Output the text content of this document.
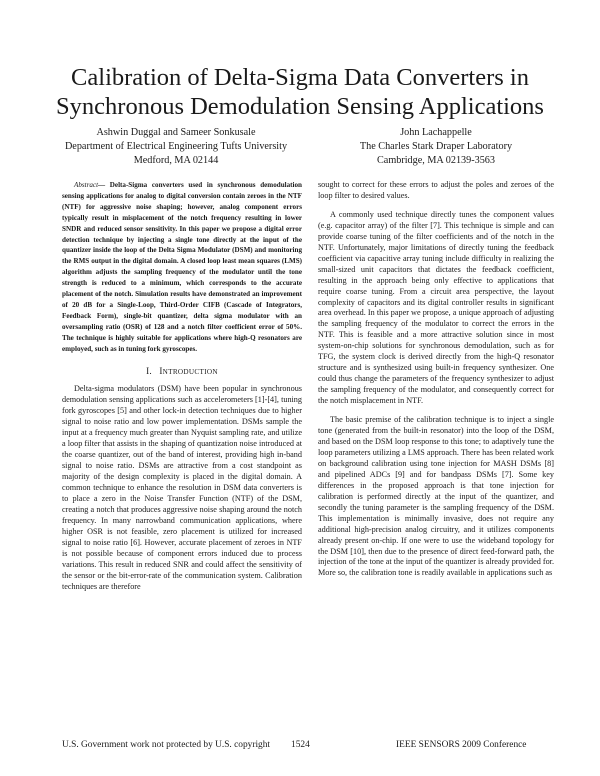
Calibration of Delta-Sigma Data Converters in
Synchronous Demodulation Sensing Applications
Ashwin Duggal and Sameer Sonkusale
Department of Electrical Engineering Tufts University
Medford, MA 02144
John Lachappelle
The Charles Stark Draper Laboratory
Cambridge, MA 02139-3563

Abstract— Delta-Sigma converters used in synchronous demodulation sensing applications for analog to digital conversion contain zeroes in the NTF (NTF) for aggressive noise shaping; however, analog component errors typically result in misplacement of the notch frequency resulting in lower SNDR and reduced sensor sensitivity. In this paper we propose a digital error detection technique by injecting a single tone directly at the input of the quantizer inside the loop of the Delta Sigma Modulator (DSM) and monitoring the RMS output in the digital domain. A closed loop least mean squares (LMS) algorithm adjusts the sampling frequency of the modulator until the tone strength is reduced to a minimum, which corresponds to the accurate placement of the notch. Simulation results have demonstrated an improvement of 20 dB for a Single-Loop, Third-Order CIFB (Cascade of Integrators, Feedback Form), single-bit quantizer, delta sigma modulator with an oversampling ratio (OSR) of 128 and a notch filter coefficient error of 50%. The technique is highly suitable for applications where high-Q resonators are employed, such as in tuning fork gyroscopes.

I. INTRODUCTION

Delta-sigma modulators (DSM) have been popular in synchronous demodulation sensing applications such as accelerometers [1]-[4], tuning fork gyroscopes [5] and other lock-in detection techniques due to higher signal to noise ratio and low power implementation. DSMs sample the input at a frequency much greater than Nyquist sampling rate, and utilize a loop filter that assists in the shaping of quantization noise introduced at the coarse quantizer, out of the band of interest, providing high in-band signal to noise ratio. DSMs are attractive from a cost standpoint as majority of the design complexity is placed in the digital domain. A common technique to enhance the resolution in DSM data converters is to place a zero in the Noise Transfer Function (NTF) of the DSM, creating a notch that produces aggressive noise shaping around the notch frequency. In many narrowband communication applications, where higher OSR is not feasible, zero placement is utilized for increased signal to noise ratio [6]. However, accurate placement of zeroes in NTF is not possible because of component errors induced due to process variations. This result in reduced SNR and could affect the sensitivity of the sensor or the bit-error-rate of the communication system. Calibration techniques are therefore

sought to correct for these errors to adjust the poles and zeroes of the loop filter to desired values.

A commonly used technique directly tunes the component values (e.g. capacitor array) of the filter [7]. This technique is simple and can provide coarse tuning of the filter coefficients and of the notch in the NTF. Unfortunately, major limitations of directly tuning the feedback coefficient via capacitive array tuning include difficulty in realizing the small-sized unit capacitors that dictates the feedback coefficient, resulting in the approach being only effective to applications that require coarse tuning. From a circuit area perspective, the layout complexity of capacitors and its digital controller results in significant area overhead. In this paper we propose, a unique approach of adjusting the sampling frequency of the modulator to correct the errors in the NTF. This is feasible and a more attractive solution since in most system-on-chip solutions for synchronous demodulation, such as for TFG, the system clock is derived directly from the high-Q resonator structure and is synthesized using built-in frequency synthesizer. One could thus change the parameters of the frequency synthesizer to adjust the sampling frequency of the modulator, and consequently correct for the notch misplacement in NTF.

The basic premise of the calibration technique is to inject a single tone (generated from the built-in resonator) into the loop of the DSM, and based on the DSM loop response to this tone; to adaptively tune the loop parameters utilizing a LMS approach. There has been related work on background calibration using tone injection for MASH DSMs [8] and pipelined ADCs [9] and for bandpass DSMs [7]. Some key differences in the proposed approach is that tone injection for calibration is performed directly at the input of the quantizer, and secondly the tuning parameter is the sampling frequency of the DSM. This implementation is minimally invasive, does not require any additional high-precision analog circuitry, and it utilizes components already present on-chip. If one were to use the wideband topology for the DSM [10], then due to the presence of direct feed-forward path, the injection of the tone at the input of the quantizer is already provided for. More so, the calibration tone is readily available in applications such as

U.S. Government work not protected by U.S. copyright 1524	IEEE SENSORS 2009 Conference
